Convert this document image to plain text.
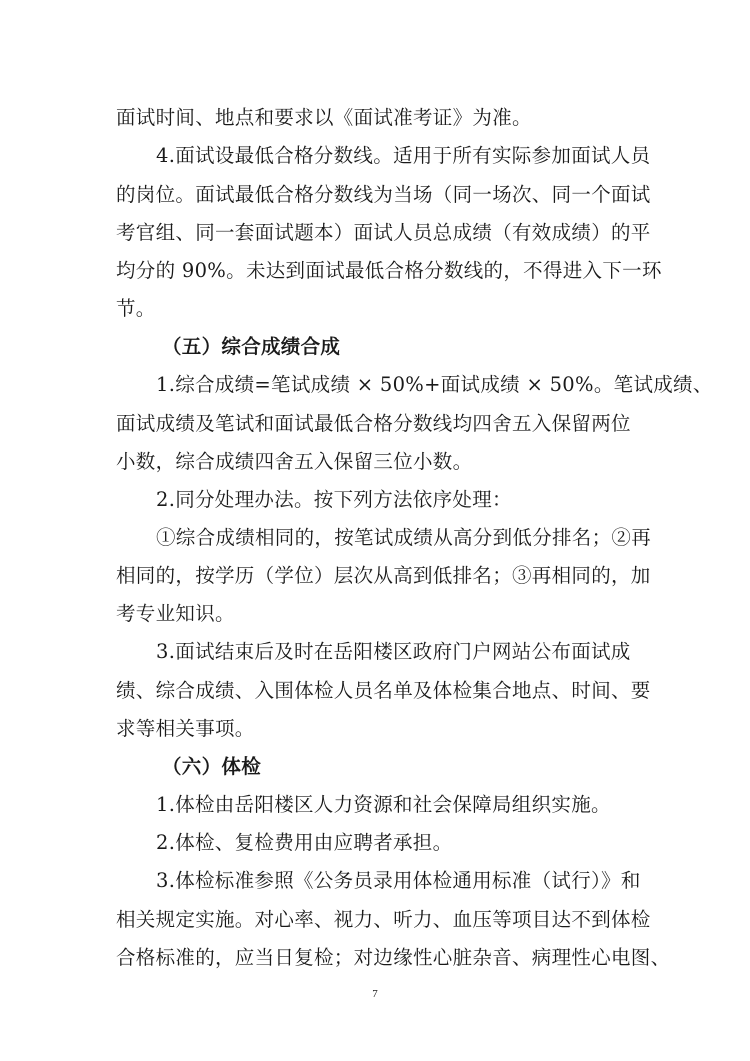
面试时间、地点和要求以《面试准考证》为准。
4.面试设最低合格分数线。适用于所有实际参加面试人员
的岗位。面试最低合格分数线为当场（同一场次、同一个面试
考官组、同一套面试题本）面试人员总成绩（有效成绩）的平
均分的 90%。未达到面试最低合格分数线的，不得进入下一环
节。
（五）综合成绩合成
1.综合成绩=笔试成绩 × 50%+面试成绩 × 50%。笔试成绩、
面试成绩及笔试和面试最低合格分数线均四舍五入保留两位
小数，综合成绩四舍五入保留三位小数。
2.同分处理办法。按下列方法依序处理：
①综合成绩相同的，按笔试成绩从高分到低分排名；②再
相同的，按学历（学位）层次从高到低排名；③再相同的，加
考专业知识。
3.面试结束后及时在岳阳楼区政府门户网站公布面试成
绩、综合成绩、入围体检人员名单及体检集合地点、时间、要
求等相关事项。
（六）体检
1.体检由岳阳楼区人力资源和社会保障局组织实施。
2.体检、复检费用由应聘者承担。
3.体检标准参照《公务员录用体检通用标准（试行）》和
相关规定实施。对心率、视力、听力、血压等项目达不到体检
合格标准的，应当日复检；对边缘性心脏杂音、病理性心电图、
7
